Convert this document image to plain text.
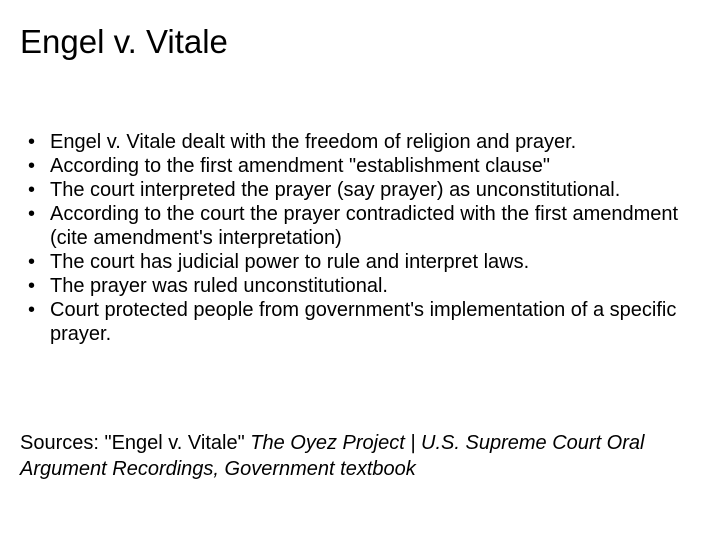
Engel v. Vitale
• Engel v. Vitale dealt with the freedom of religion and prayer.
• According to the first amendment "establishment clause"
• The court interpreted the prayer (say prayer) as unconstitutional.
• According to the court the prayer contradicted with the first amendment (cite amendment's interpretation)
• The court has judicial power to rule and interpret laws.
• The prayer was ruled unconstitutional.
• Court protected people from government's implementation of a specific prayer.

Sources: "Engel v. Vitale" The Oyez Project | U.S. Supreme Court Oral Argument Recordings, Government textbook
